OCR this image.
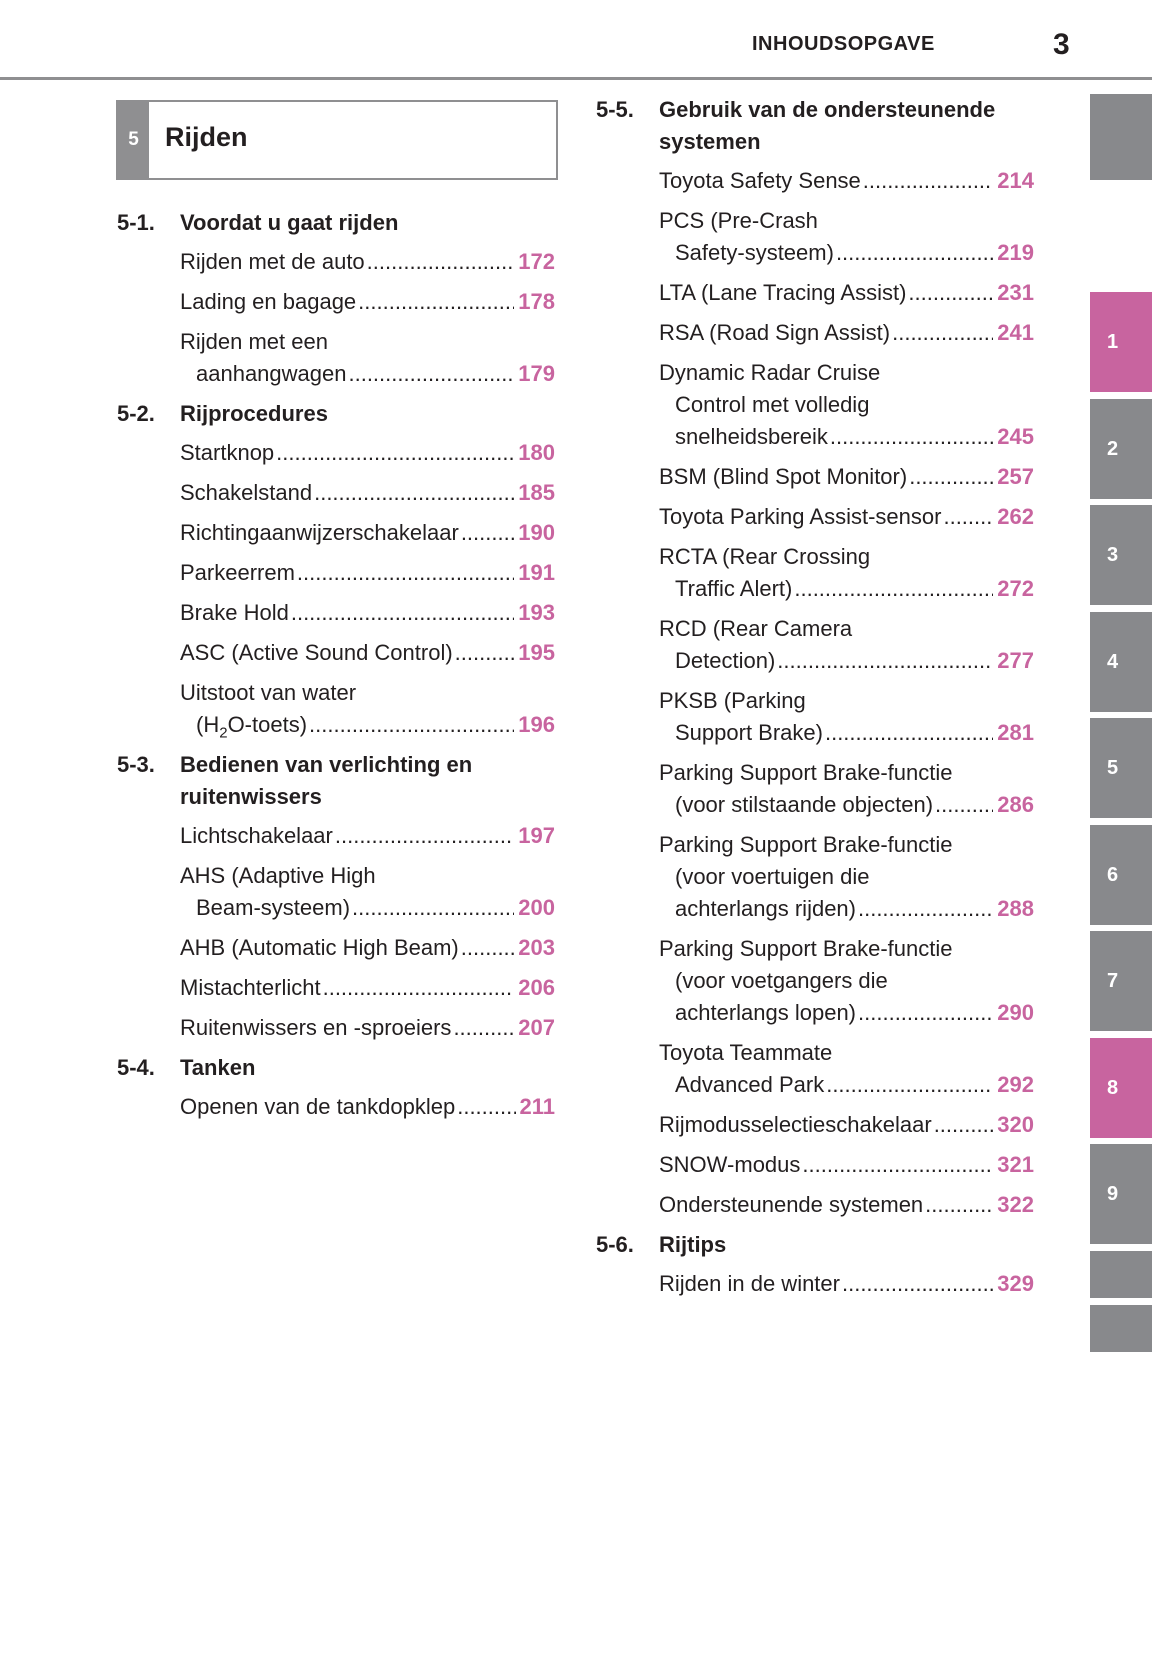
INHOUDSOPGAVE	3
5 Rijden
5-1.	Voordat u gaat rijden
Rijden met de auto .....	172
Lading en bagage .....	178
Rijden met een
aanhangwagen .....	179
5-2.	Rijprocedures
Startknop .....	180
Schakelstand .....	185
Richtingaanwijzerschakelaar .....	190
Parkeerrem .....	191
Brake Hold .....	193
ASC (Active Sound Control) .....	195
Uitstoot van water
$(H_2O-toets)$ .....	196
5-3.	Bedienen van verlichting en ruitenwissers
Lichtschakelaar .....	197
AHS (Adaptive High
Beam-systeem) .....	200
AHB (Automatic High Beam) .....	203
Mistachterlicht .....	206
Ruitenwissers en -sproeiers .....	207
5-4.	Tanken
Openen van de tankdopklep .....	211
5-5.	Gebruik van de ondersteunende systemen
Toyota Safety Sense .....	214
PCS (Pre-Crash
Safety-systeem) .....	219
LTA (Lane Tracing Assist) .....	231
RSA (Road Sign Assist) .....	241
Dynamic Radar Cruise
Control met volledig
snelheidsbereik .....	245
BSM (Blind Spot Monitor) .....	257
Toyota Parking Assist-sensor .....	262
RCTA (Rear Crossing
Traffic Alert) .....	272
RCD (Rear Camera
Detection) .....	277
PKSB (Parking
Support Brake) .....	281
Parking Support Brake-functie
(voor stilstaande objecten) .....	286
Parking Support Brake-functie
(voor voertuigen die
achterlangs rijden) .....	288
Parking Support Brake-functie
(voor voetgangers die
achterlangs lopen) .....	290
Toyota Teammate
Advanced Park .....	292
Rijmodusselectieschakelaar .....	320
SNOW-modus .....	321
Ondersteunende systemen .....	322
5-6.	Rijtips
Rijden in de winter .....	329
1
2
3
4
5
6
7
8
9
